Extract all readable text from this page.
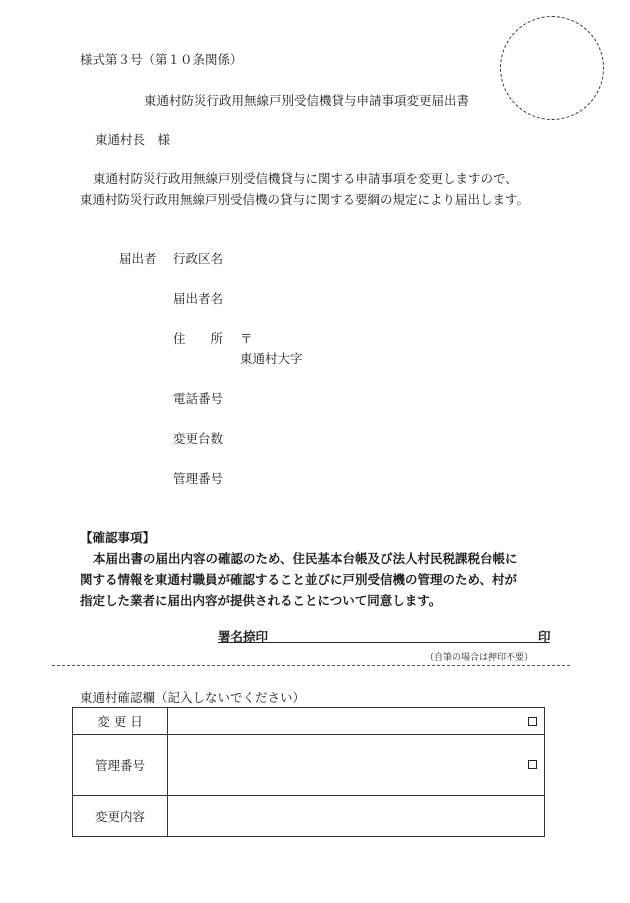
様式第３号（第１０条関係）
東通村防災行政用無線戸別受信機貸与申請事項変更届出書
東通村長　様
東通村防災行政用無線戸別受信機貸与に関する申請事項を変更しますので、
東通村防災行政用無線戸別受信機の貸与に関する要綱の規定により届出します。
届出者 行政区名
届出者名
住　　所 〒
東通村大字
電話番号
変更台数
管理番号
【確認事項】
本届出書の届出内容の確認のため、住民基本台帳及び法人村民税課税台帳に
関する情報を東通村職員が確認すること並びに戸別受信機の管理のため、村が
指定した業者に届出内容が提供されることについて同意します。
署名捺印	印
（自筆の場合は押印不要）
東通村確認欄（記入しないでください）
変 更 日	

管理番号	

変更内容	
